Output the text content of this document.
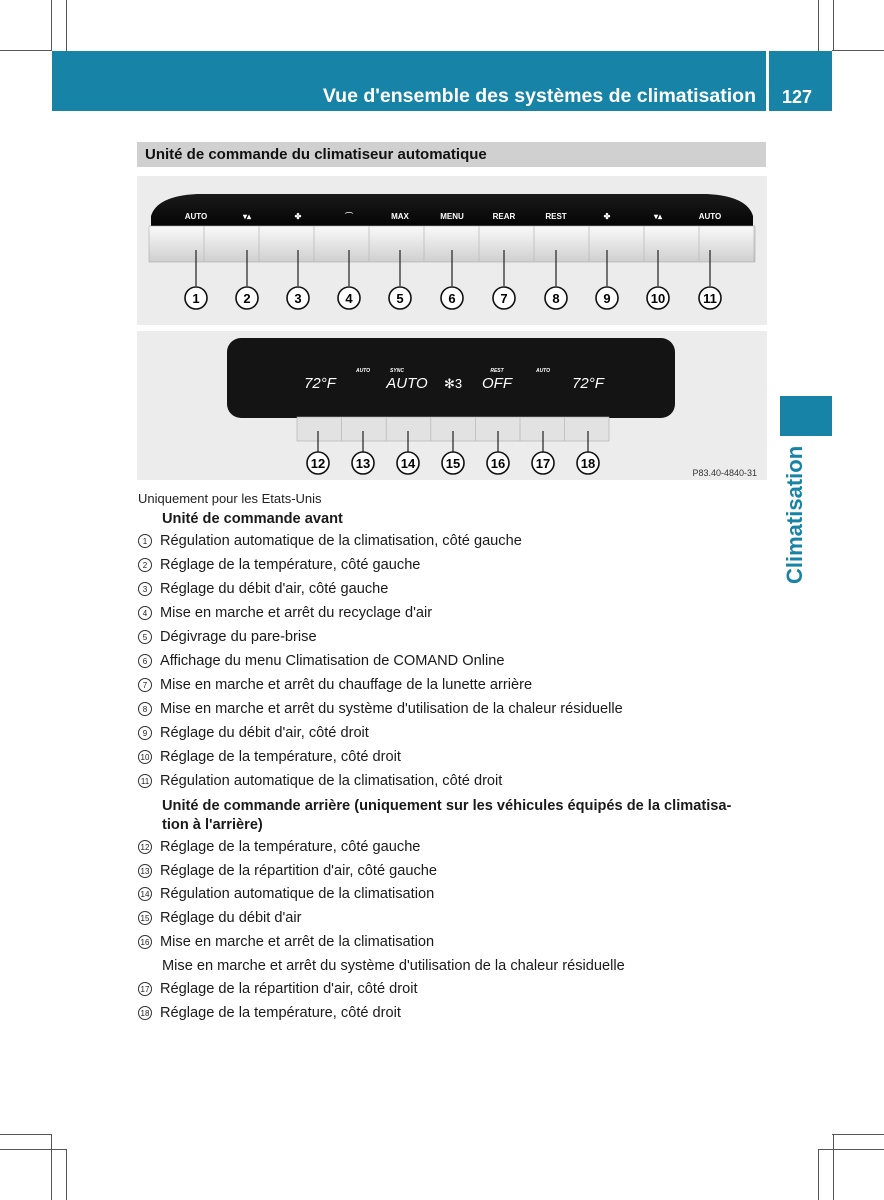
Vue d'ensemble des systèmes de climatisation 127
Climatisation
Unité de commande du climatiseur automatique
AUTO	▾▴	✤	⌒	MAX	MENU	REAR	REST	✤	▾▴	AUTO
1	2	3	4	5	6	7	8	9	10	11
72°F
AUTO	SYNC
AUTO
REST	AUTO
OFF	72°F
✻3
12 13 14 15 16 17 18
P83.40-4840-31
Uniquement pour les Etats-Unis
Unité de commande avant
1 Régulation automatique de la climatisation, côté gauche
2 Réglage de la température, côté gauche
3 Réglage du débit d'air, côté gauche
4 Mise en marche et arrêt du recyclage d'air
5 Dégivrage du pare-brise
6 Affichage du menu Climatisation de COMAND Online
7 Mise en marche et arrêt du chauffage de la lunette arrière
8 Mise en marche et arrêt du système d'utilisation de la chaleur résiduelle
9 Réglage du débit d'air, côté droit
10 Réglage de la température, côté droit
11 Régulation automatique de la climatisation, côté droit
Unité de commande arrière (uniquement sur les véhicules équipés de la climatisa-
tion à l'arrière)
12 Réglage de la température, côté gauche
13 Réglage de la répartition d'air, côté gauche
14 Régulation automatique de la climatisation
15 Réglage du débit d'air
16 Mise en marche et arrêt de la climatisation
Mise en marche et arrêt du système d'utilisation de la chaleur résiduelle
17 Réglage de la répartition d'air, côté droit
18 Réglage de la température, côté droit
